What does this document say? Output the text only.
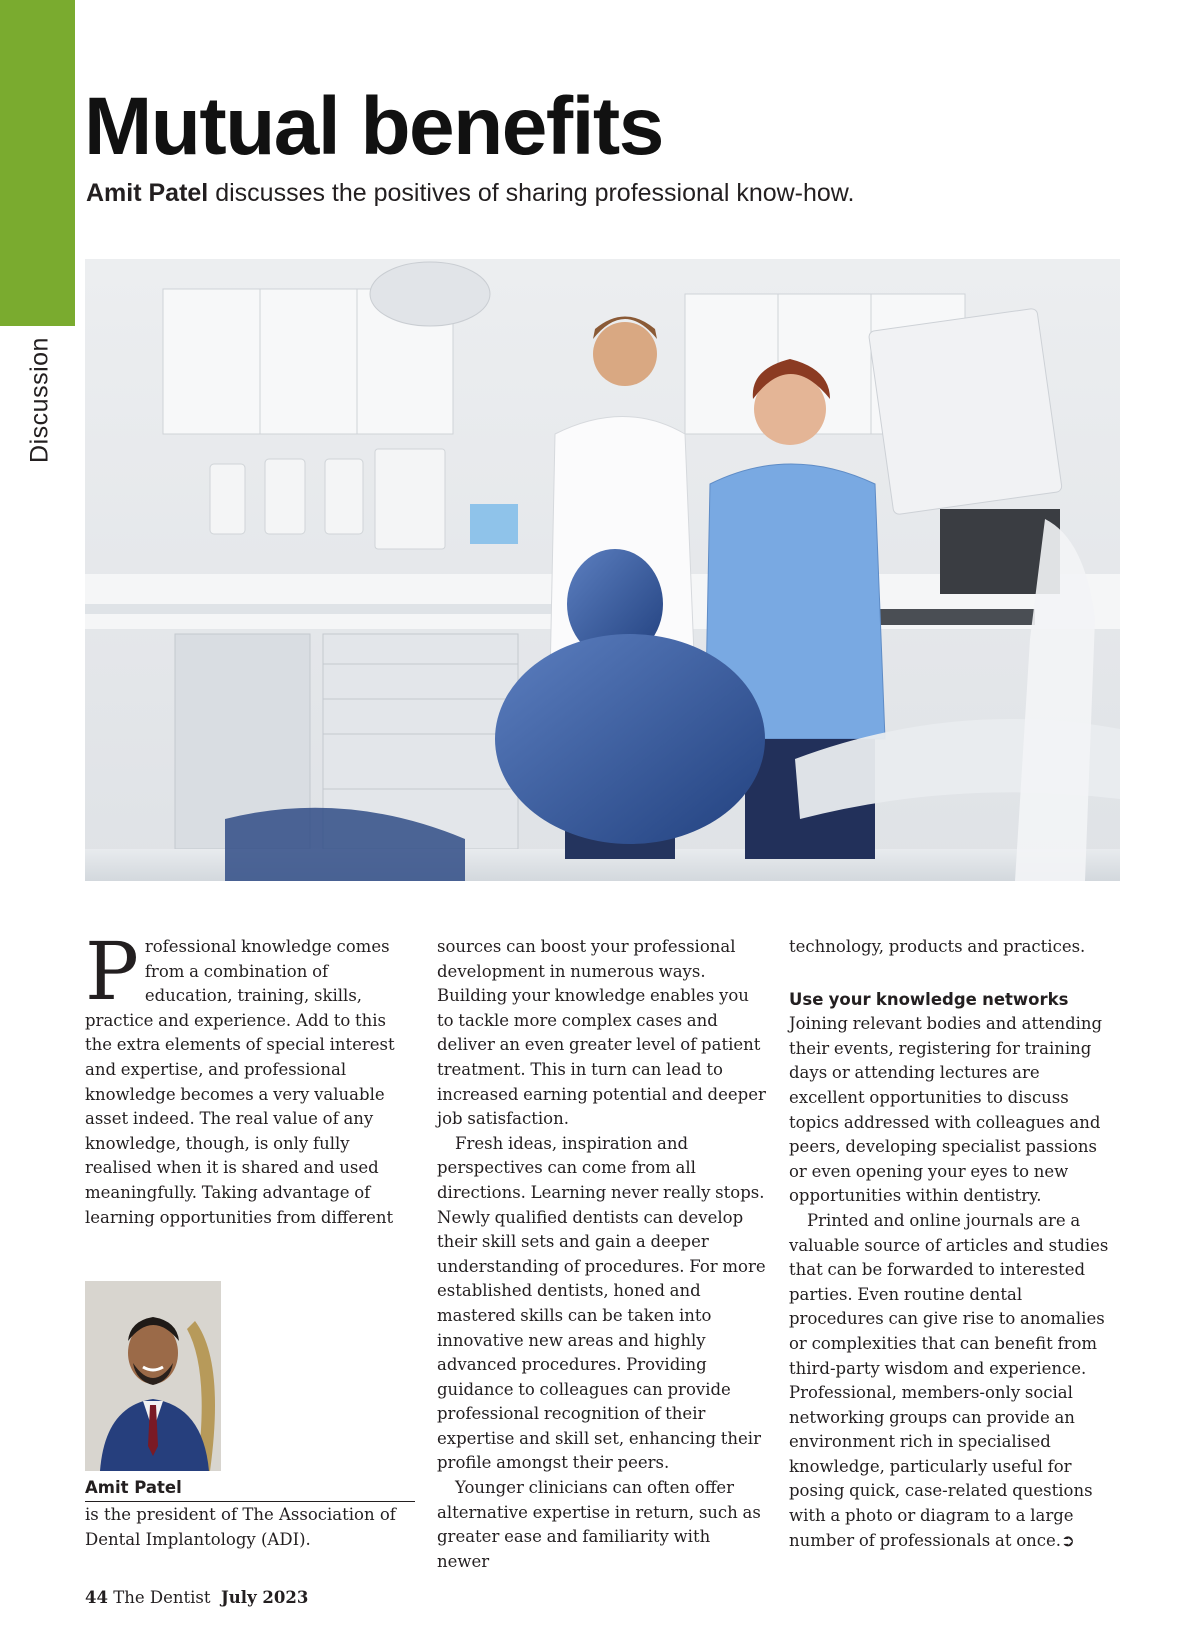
Discussion
Mutual benefits

Amit Patel discusses the positives of sharing professional know-how.

Professional knowledge comes from a combination of education, training, skills, practice and experience. Add to this the extra elements of special interest and expertise, and professional knowledge becomes a very valuable asset indeed. The real value of any knowledge, though, is only fully realised when it is shared and used meaningfully. Taking advantage of learning opportunities from different

Amit Patel
is the president of The Association of Dental Implantology (ADI).

sources can boost your professional development in numerous ways. Building your knowledge enables you to tackle more complex cases and deliver an even greater level of patient treatment. This in turn can lead to increased earning potential and deeper job satisfaction.

Fresh ideas, inspiration and perspectives can come from all directions. Learning never really stops. Newly qualified dentists can develop their skill sets and gain a deeper understanding of procedures. For more established dentists, honed and mastered skills can be taken into innovative new areas and highly advanced procedures. Providing guidance to colleagues can provide professional recognition of their expertise and skill set, enhancing their profile amongst their peers.

Younger clinicians can often offer alternative expertise in return, such as greater ease and familiarity with newer

technology, products and practices.

Use your knowledge networks

Joining relevant bodies and attending their events, registering for training days or attending lectures are excellent opportunities to discuss topics addressed with colleagues and peers, developing specialist passions or even opening your eyes to new opportunities within dentistry.

Printed and online journals are a valuable source of articles and studies that can be forwarded to interested parties. Even routine dental procedures can give rise to anomalies or complexities that can benefit from third-party wisdom and experience. Professional, members-only social networking groups can provide an environment rich in specialised knowledge, particularly useful for posing quick, case-related questions with a photo or diagram to a large number of professionals at once.➲

44 The Dentist July 2023
